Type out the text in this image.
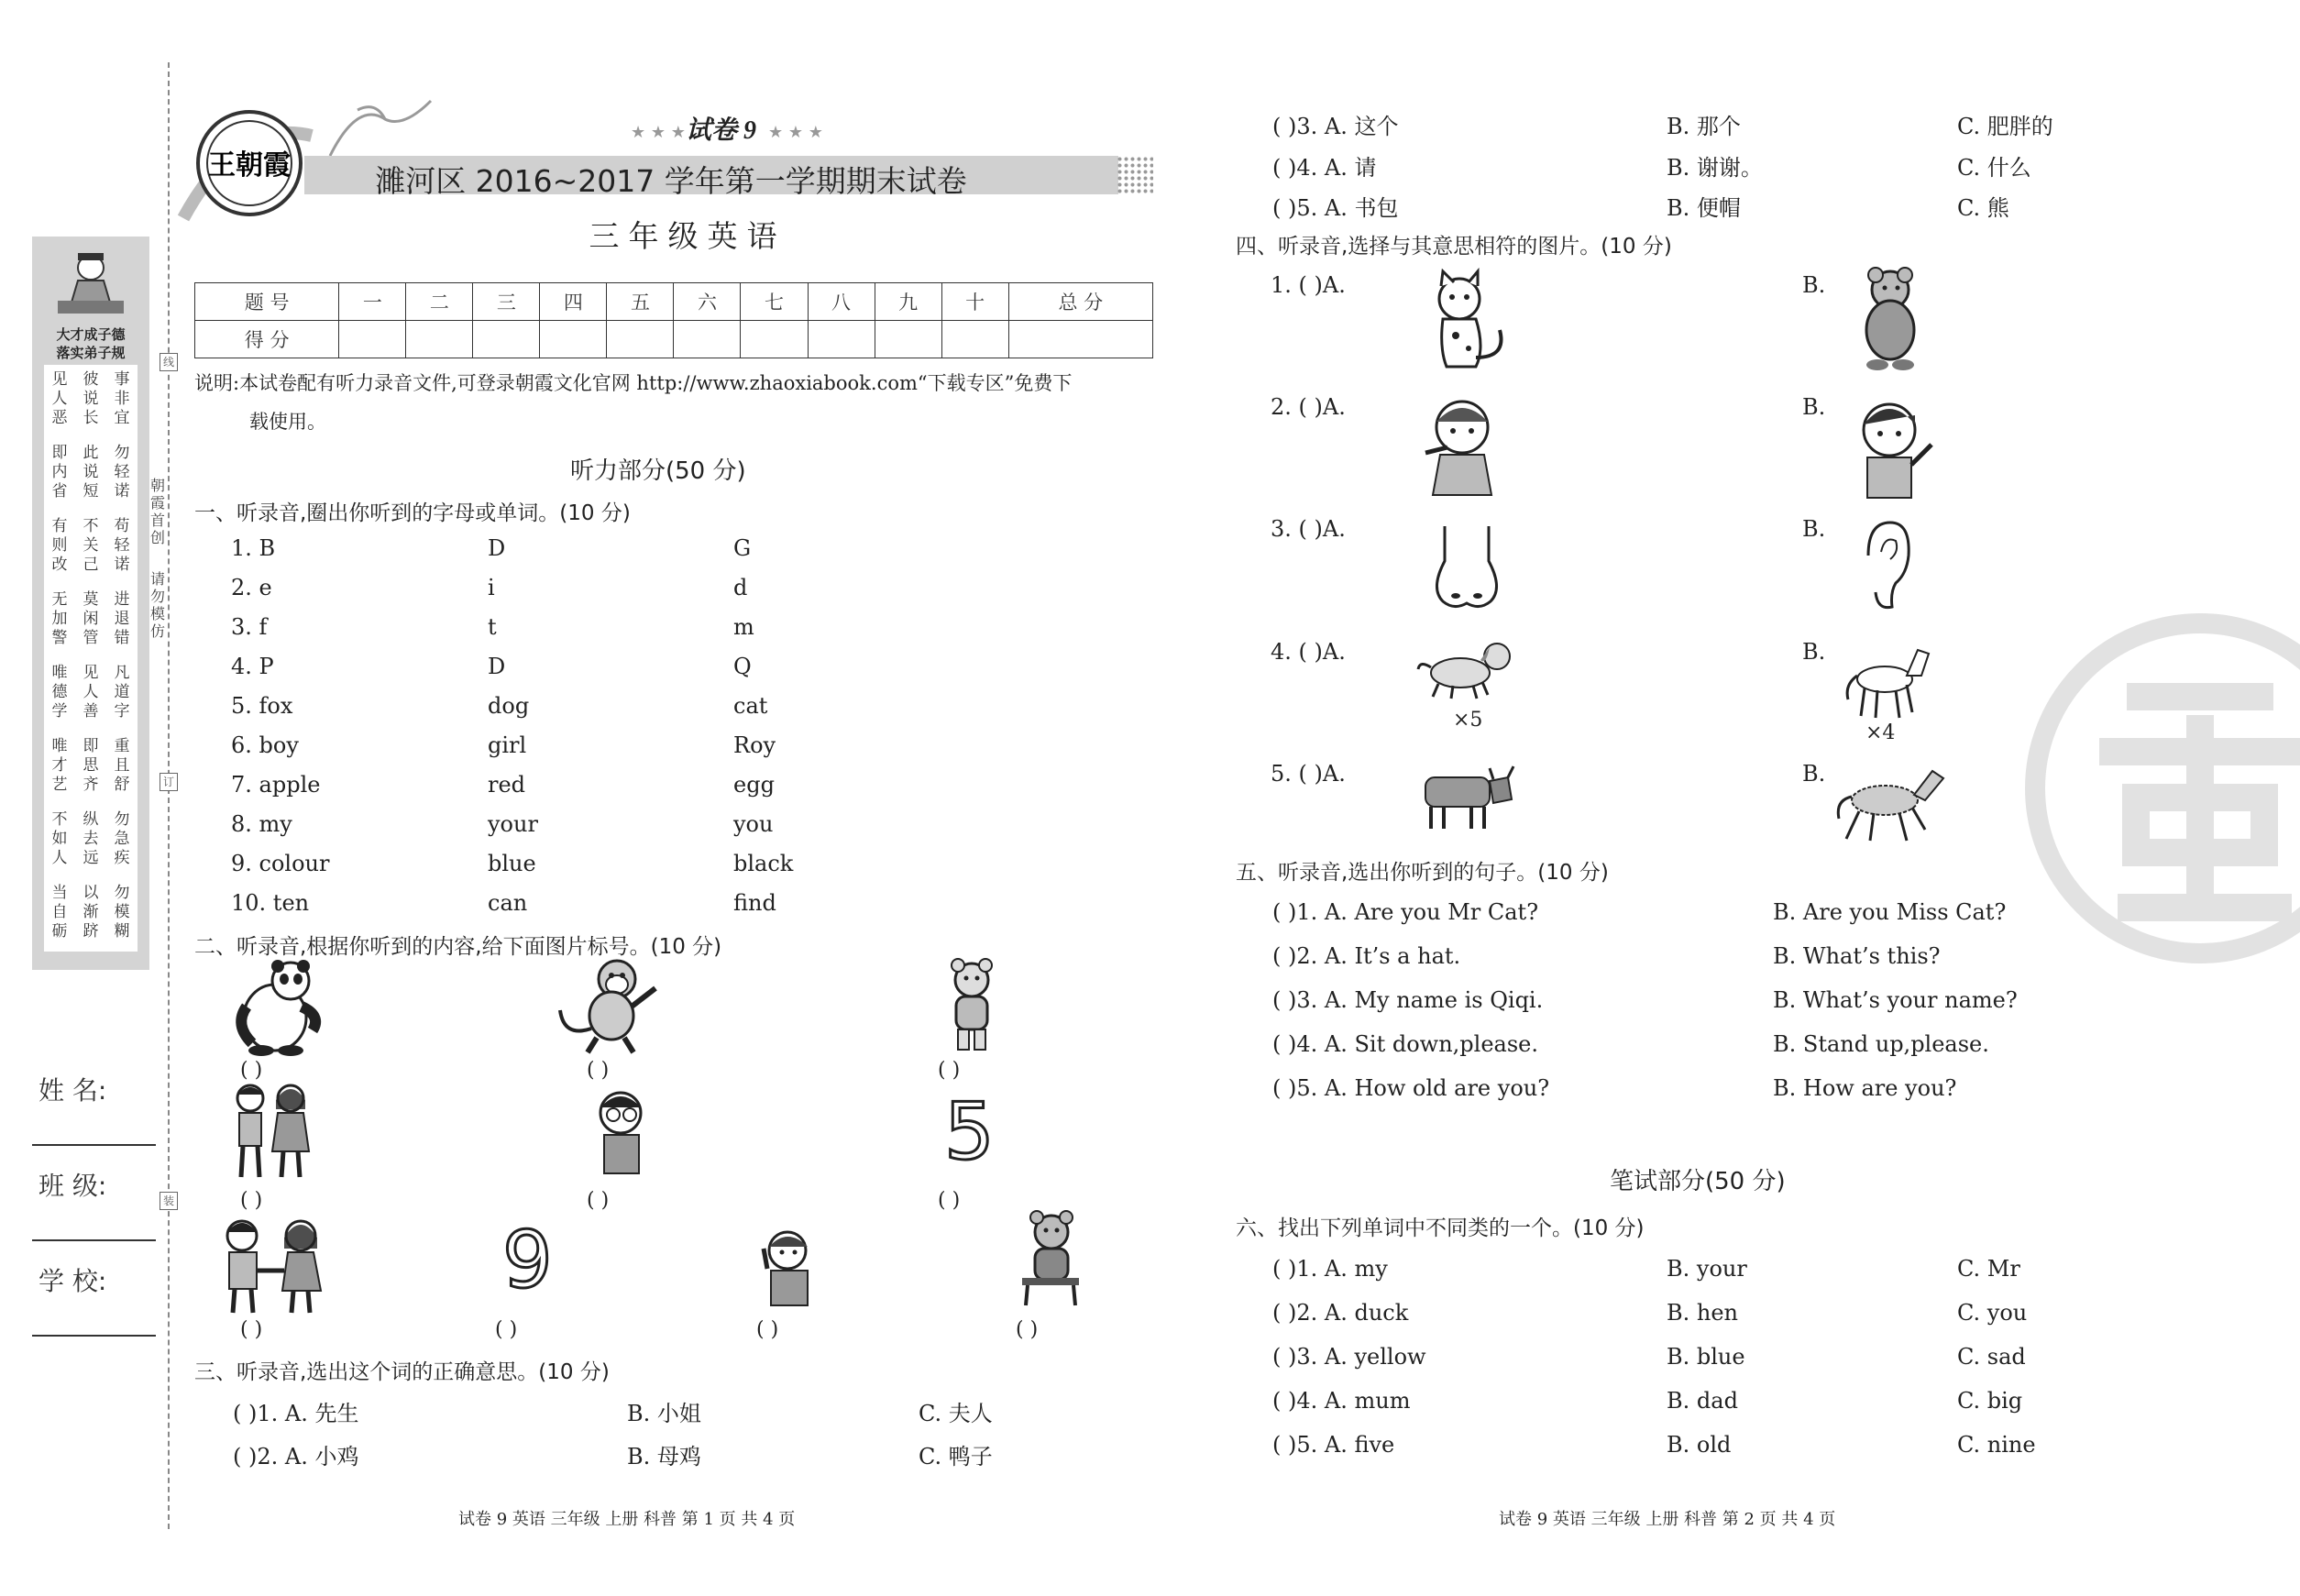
大才成子德
落实弟子规
见人恶
彼说长
事非宜
即内省
此说短
勿轻诺
有则改
不关己
苟轻诺
无加警
莫闲管
进退错
唯德学
见人善
凡道字
唯才艺
即思齐
重且舒
不如人
纵去远
勿急疾
当自砺
以渐跻
勿模糊
线
订
装
朝霞首创
请勿模仿
姓 名:
班 级:
学 校:
王朝霞
★ ★ ★ 试卷 9 ★ ★ ★
濉河区 2016~2017 学年第一学期期末试卷
三年级英语
题 号	一	二	三	四	五	六	七	八	九	十	总 分
得 分											
说明:本试卷配有听力录音文件,可登录朝霞文化官网 http://www.zhaoxiabook.com“下载专区”免费下
载使用。
听力部分(50 分)
一、听录音,圈出你听到的字母或单词。(10 分)
1. B	D	G
2. e	i	d
3. f	t	m
4. P	D	Q
5. fox	dog	cat
6. boy	girl	Roy
7. apple	red	egg
8. my	your	you
9. colour	blue	black
10. ten	can	find
二、听录音,根据你听到的内容,给下面图片标号。(10 分)
( )	( )	( )
( )	( )
5
( )
( )
9
( )	( )	( )
三、听录音,选出这个词的正确意思。(10 分)
( )1. A. 先生	B. 小姐	C. 夫人
( )2. A. 小鸡	B. 母鸡	C. 鸭子
试卷 9 英语 三年级 上册 科普 第 1 页 共 4 页
( )3. A. 这个	B. 那个	C. 肥胖的
( )4. A. 请	B. 谢谢。	C. 什么
( )5. A. 书包	B. 便帽	C. 熊
四、听录音,选择与其意思相符的图片。(10 分)
1. ( )A.	B.
2. ( )A.	B.
3. ( )A.	B.
4. ( )A.
×5
B.
×4
5. ( )A.	B.
五、听录音,选出你听到的句子。(10 分)
( )1. A. Are you Mr Cat?	B. Are you Miss Cat?
( )2. A. It’s a hat.	B. What’s this?
( )3. A. My name is Qiqi.	B. What’s your name?
( )4. A. Sit down,please.	B. Stand up,please.
( )5. A. How old are you?	B. How are you?
笔试部分(50 分)
六、找出下列单词中不同类的一个。(10 分)
( )1. A. my	B. your	C. Mr
( )2. A. duck	B. hen	C. you
( )3. A. yellow	B. blue	C. sad
( )4. A. mum	B. dad	C. big
( )5. A. five	B. old	C. nine
试卷 9 英语 三年级 上册 科普 第 2 页 共 4 页
